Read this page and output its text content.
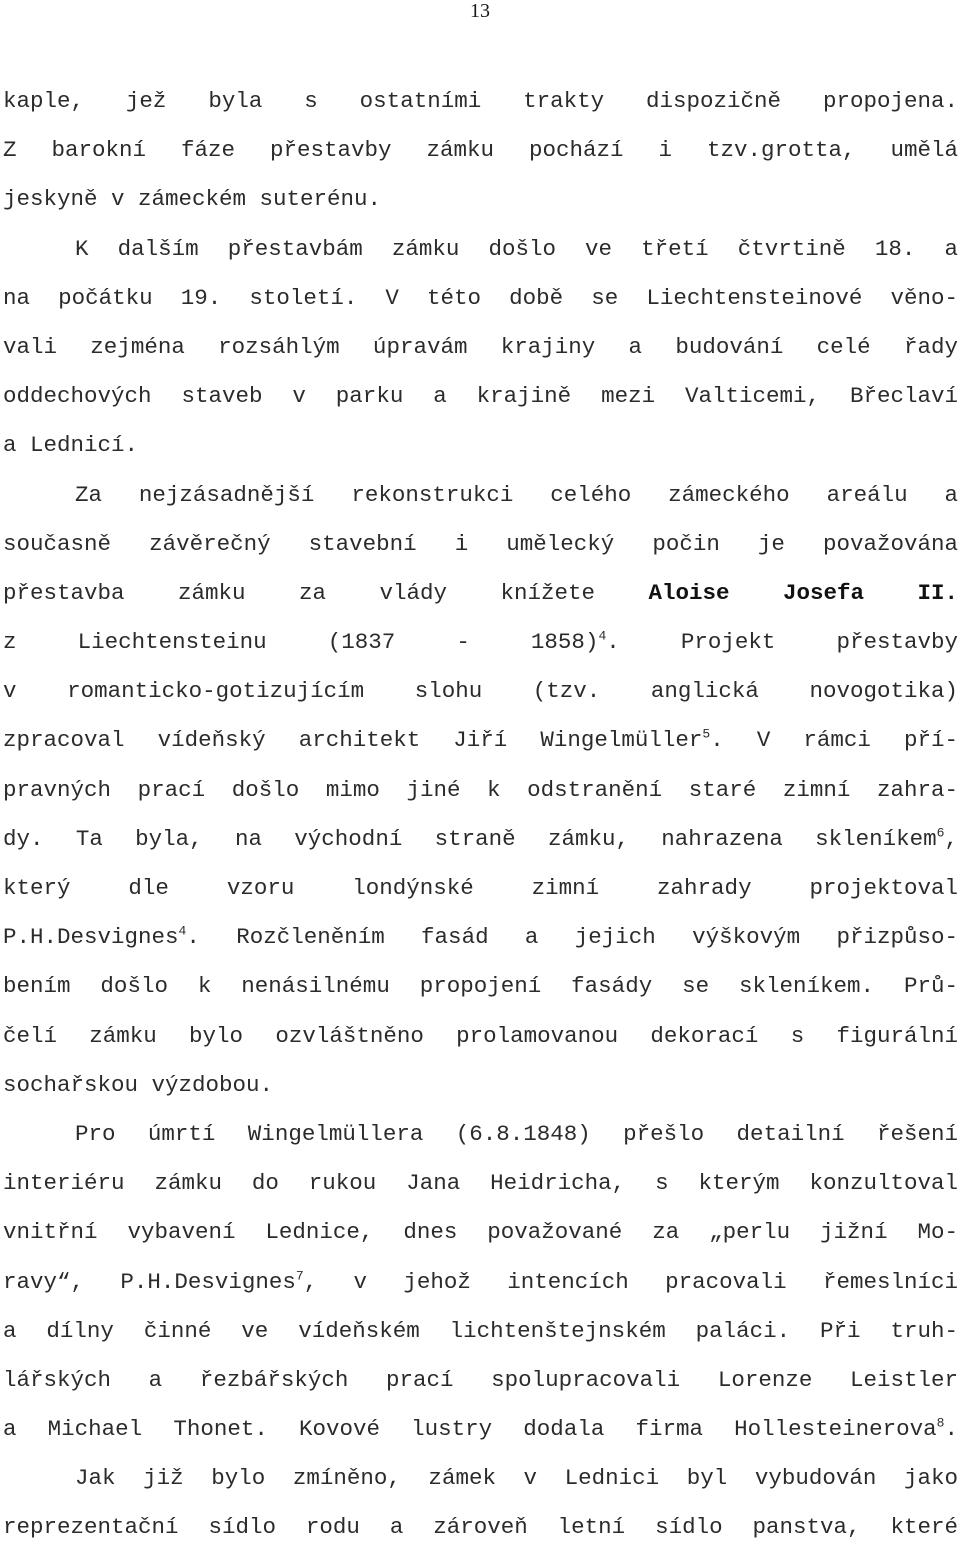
13
kaple, jež byla s ostatními trakty dispozičně propojena.
Z barokní fáze přestavby zámku pochází i tzv.grotta, umělá
jeskyně v zámeckém suterénu.
K dalším přestavbám zámku došlo ve třetí čtvrtině 18. a
na počátku 19. století. V této době se Liechtensteinové věno-
vali zejména rozsáhlým úpravám krajiny a budování celé řady
oddechových staveb v parku a krajině mezi Valticemi, Břeclaví
a Lednicí.
Za nejzásadnější rekonstrukci celého zámeckého areálu a
současně závěrečný stavební i umělecký počin je považována
přestavba zámku za vlády knížete Aloise Josefa II.
z Liechtensteinu (1837 - 1858)$^4$. Projekt přestavby
v romanticko-gotizujícím slohu (tzv. anglická novogotika)
zpracoval vídeňský architekt Jiří Wingelmüller$^5$. V rámci pří-
pravných prací došlo mimo jiné k odstranění staré zimní zahra-
dy. Ta byla, na východní straně zámku, nahrazena skleníkem$^6$,
který dle vzoru londýnské zimní zahrady projektoval
P.H.Desvignes$^4$. Rozčleněním fasád a jejich výškovým přizpůso-
bením došlo k nenásilnému propojení fasády se skleníkem. Prů-
čelí zámku bylo ozvláštněno prolamovanou dekorací s figurální
sochařskou výzdobou.
Pro úmrtí Wingelmüllera (6.8.1848) přešlo detailní řešení
interiéru zámku do rukou Jana Heidricha, s kterým konzultoval
vnitřní vybavení Lednice, dnes považované za „perlu jižní Mo-
ravy“, P.H.Desvignes$^7$, v jehož intencích pracovali řemeslníci
a dílny činné ve vídeňském lichtenštejnském paláci. Při truh-
lářských a řezbářských prací spolupracovali Lorenze Leistler
a Michael Thonet. Kovové lustry dodala firma Hollesteinerova$^8$.
Jak již bylo zmíněno, zámek v Lednici byl vybudován jako
reprezentační sídlo rodu a zároveň letní sídlo panstva, které
